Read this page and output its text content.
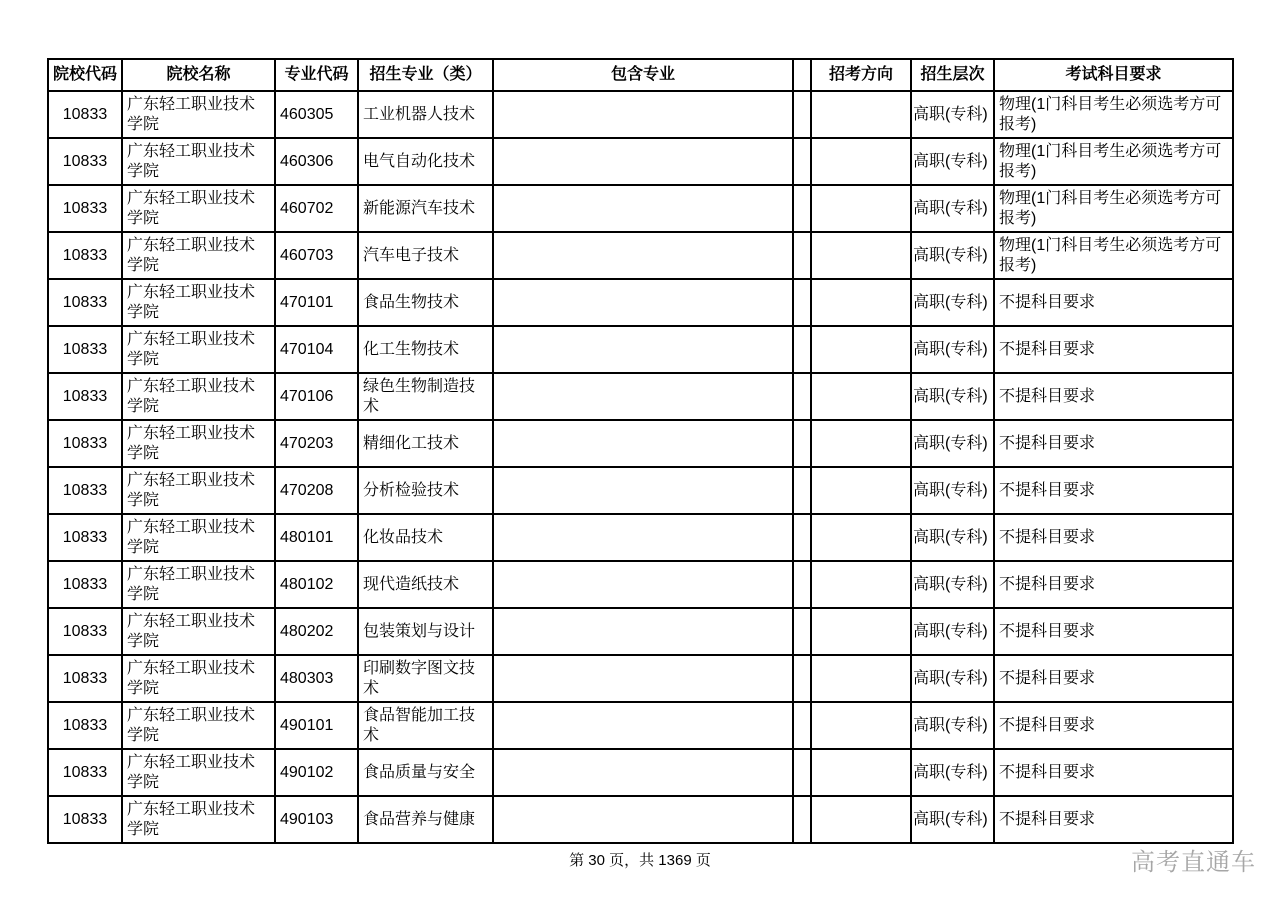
院校代码	院校名称	专业代码	招生专业（类）	包含专业		招考方向	招生层次	考试科目要求
10833	广东轻工职业技术学院	460305	工业机器人技术				高职(专科)	物理(1门科目考生必须选考方可报考)
10833	广东轻工职业技术学院	460306	电气自动化技术				高职(专科)	物理(1门科目考生必须选考方可报考)
10833	广东轻工职业技术学院	460702	新能源汽车技术				高职(专科)	物理(1门科目考生必须选考方可报考)
10833	广东轻工职业技术学院	460703	汽车电子技术				高职(专科)	物理(1门科目考生必须选考方可报考)
10833	广东轻工职业技术学院	470101	食品生物技术				高职(专科)	不提科目要求
10833	广东轻工职业技术学院	470104	化工生物技术				高职(专科)	不提科目要求
10833	广东轻工职业技术学院	470106	绿色生物制造技术				高职(专科)	不提科目要求
10833	广东轻工职业技术学院	470203	精细化工技术				高职(专科)	不提科目要求
10833	广东轻工职业技术学院	470208	分析检验技术				高职(专科)	不提科目要求
10833	广东轻工职业技术学院	480101	化妆品技术				高职(专科)	不提科目要求
10833	广东轻工职业技术学院	480102	现代造纸技术				高职(专科)	不提科目要求
10833	广东轻工职业技术学院	480202	包装策划与设计				高职(专科)	不提科目要求
10833	广东轻工职业技术学院	480303	印刷数字图文技术				高职(专科)	不提科目要求
10833	广东轻工职业技术学院	490101	食品智能加工技术				高职(专科)	不提科目要求
10833	广东轻工职业技术学院	490102	食品质量与安全				高职(专科)	不提科目要求
10833	广东轻工职业技术学院	490103	食品营养与健康				高职(专科)	不提科目要求
第 30 页，共 1369 页	高考直通车
